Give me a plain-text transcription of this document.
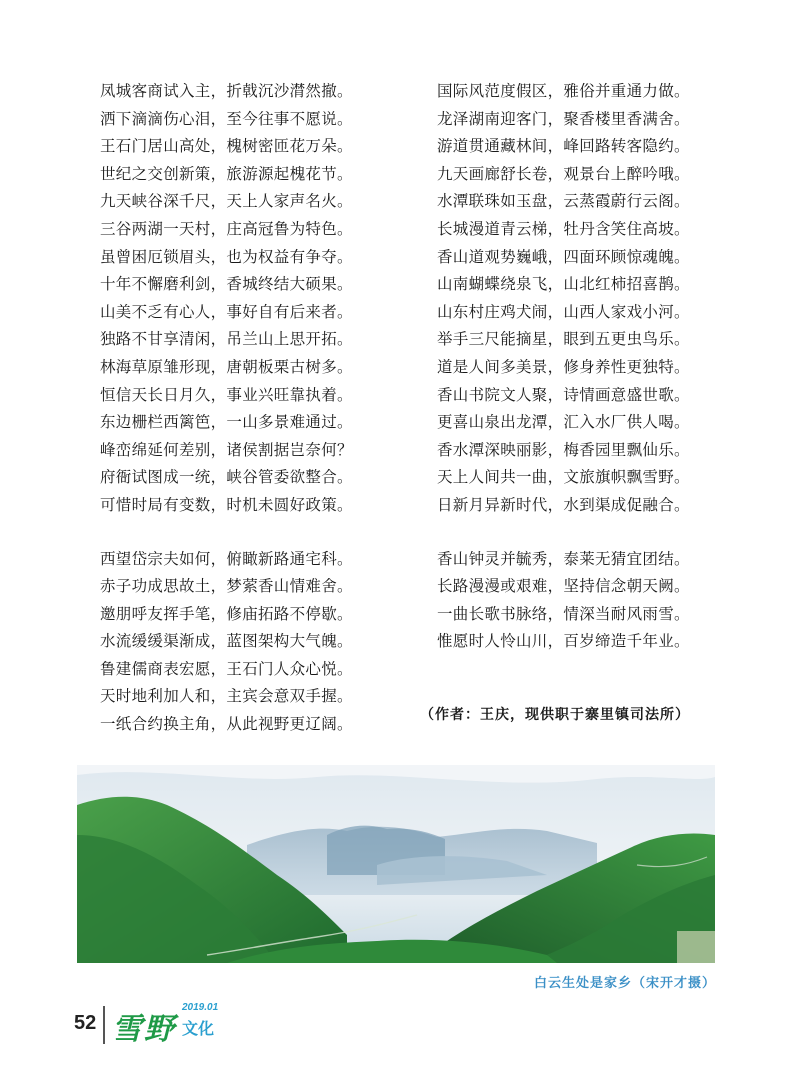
凤城客商试入主，折戟沉沙潸然撤。
洒下滴滴伤心泪，至今往事不愿说。
王石门居山高处，槐树密匝花万朵。
世纪之交创新策，旅游源起槐花节。
九天峡谷深千尺，天上人家声名火。
三谷两湖一天村，庄高冠鲁为特色。
虽曾困厄锁眉头，也为权益有争夺。
十年不懈磨利剑，香城终结大硕果。
山美不乏有心人，事好自有后来者。
独路不甘享清闲，吊兰山上思开拓。
林海草原雏形现，唐朝板栗古树多。
恒信天长日月久，事业兴旺靠执着。
东边栅栏西篱笆，一山多景难通过。
峰峦绵延何差别，诸侯割据岂奈何？
府衙试图成一统，峡谷管委欲整合。
可惜时局有变数，时机未圆好政策。
西望岱宗夫如何，俯瞰新路通宅科。
赤子功成思故土，梦萦香山情难舍。
邀朋呼友挥手笔，修庙拓路不停歇。
水流缓缓渠渐成，蓝图架构大气魄。
鲁建儒商表宏愿，王石门人众心悦。
天时地利加人和，主宾会意双手握。
一纸合约换主角，从此视野更辽阔。
国际风范度假区，雅俗并重通力做。
龙泽湖南迎客门，聚香楼里香满舍。
游道贯通藏林间，峰回路转客隐约。
九天画廊舒长卷，观景台上醉吟哦。
水潭联珠如玉盘，云蒸霞蔚行云阁。
长城漫道青云梯，牡丹含笑住高坡。
香山道观势巍峨，四面环顾惊魂魄。
山南蝴蝶绕泉飞，山北红柿招喜鹊。
山东村庄鸡犬闹，山西人家戏小河。
举手三尺能摘星，眼到五更虫鸟乐。
道是人间多美景，修身养性更独特。
香山书院文人聚，诗情画意盛世歌。
更喜山泉出龙潭，汇入水厂供人喝。
香水潭深映丽影，梅香园里飘仙乐。
天上人间共一曲，文旅旗帜飘雪野。
日新月异新时代，水到渠成促融合。
香山钟灵并毓秀，泰莱无猜宜团结。
长路漫漫或艰难，坚持信念朝天阙。
一曲长歌书脉络，情深当耐风雨雪。
惟愿时人怜山川，百岁缔造千年业。
（作者：王庆，现供职于寨里镇司法所）
白云生处是家乡（宋开才摄）
52 雪野
2019.01
文化
